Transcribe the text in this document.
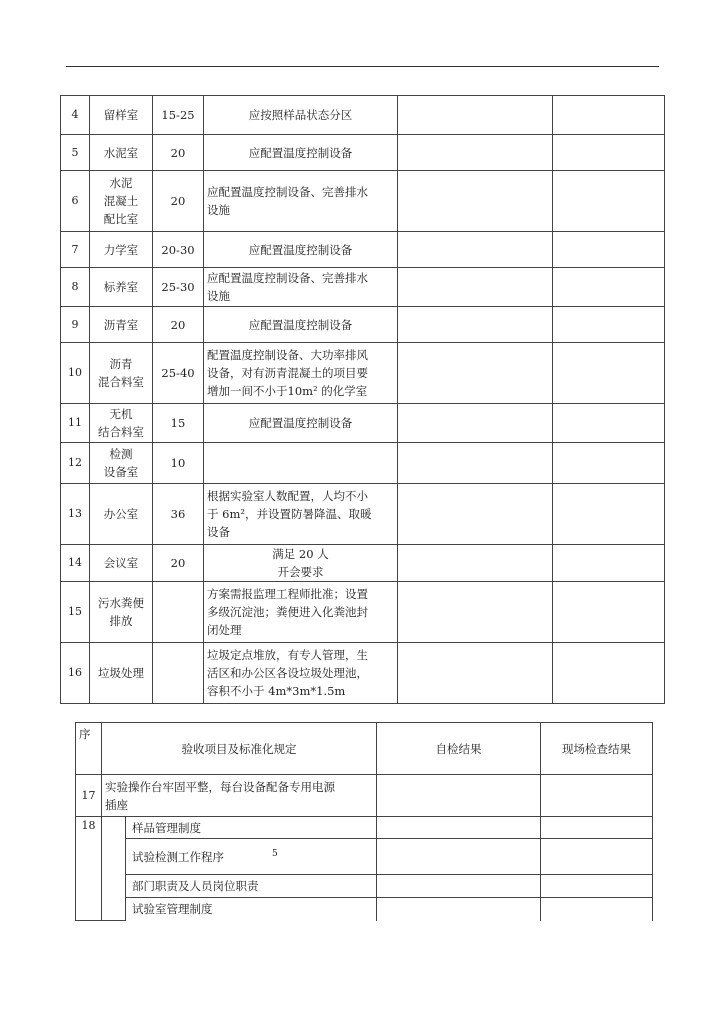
4	留样室	15-25	应按照样品状态分区		
5	水泥室	20	应配置温度控制设备		
6	水泥
混凝土
配比室	20	应配置温度控制设备、完善排水
设施		
7	力学室	20-30	应配置温度控制设备		
8	标养室	25-30	应配置温度控制设备、完善排水
设施		
9	沥青室	20	应配置温度控制设备		
10	沥青
混合料室	25-40	配置温度控制设备、大功率排风
设备，对有沥青混凝土的项目要
增加一间不小于10m² 的化学室		
11	无机
结合料室	15	应配置温度控制设备		
12	检测
设备室	10			
13	办公室	36	根据实验室人数配置，人均不小
于 6m²，并设置防暑降温、取暖
设备		
14	会议室	20	满足 20 人
开会要求		
15	污水粪便
排放		方案需报监理工程师批准；设置
多级沉淀池；粪便进入化粪池封
闭处理		
16	垃圾处理		垃圾定点堆放，有专人管理，生
活区和办公区各设垃圾处理池，
容积不小于 4m*3m*1.5m		
序	验收项目及标准化规定		自检结果	现场检查结果
17	实验操作台牢固平整，每台设备配备专用电源
插座			
18		样品管理制度		
		试验检测工作程序		
		部门职责及人员岗位职责		
		试验室管理制度		
5
